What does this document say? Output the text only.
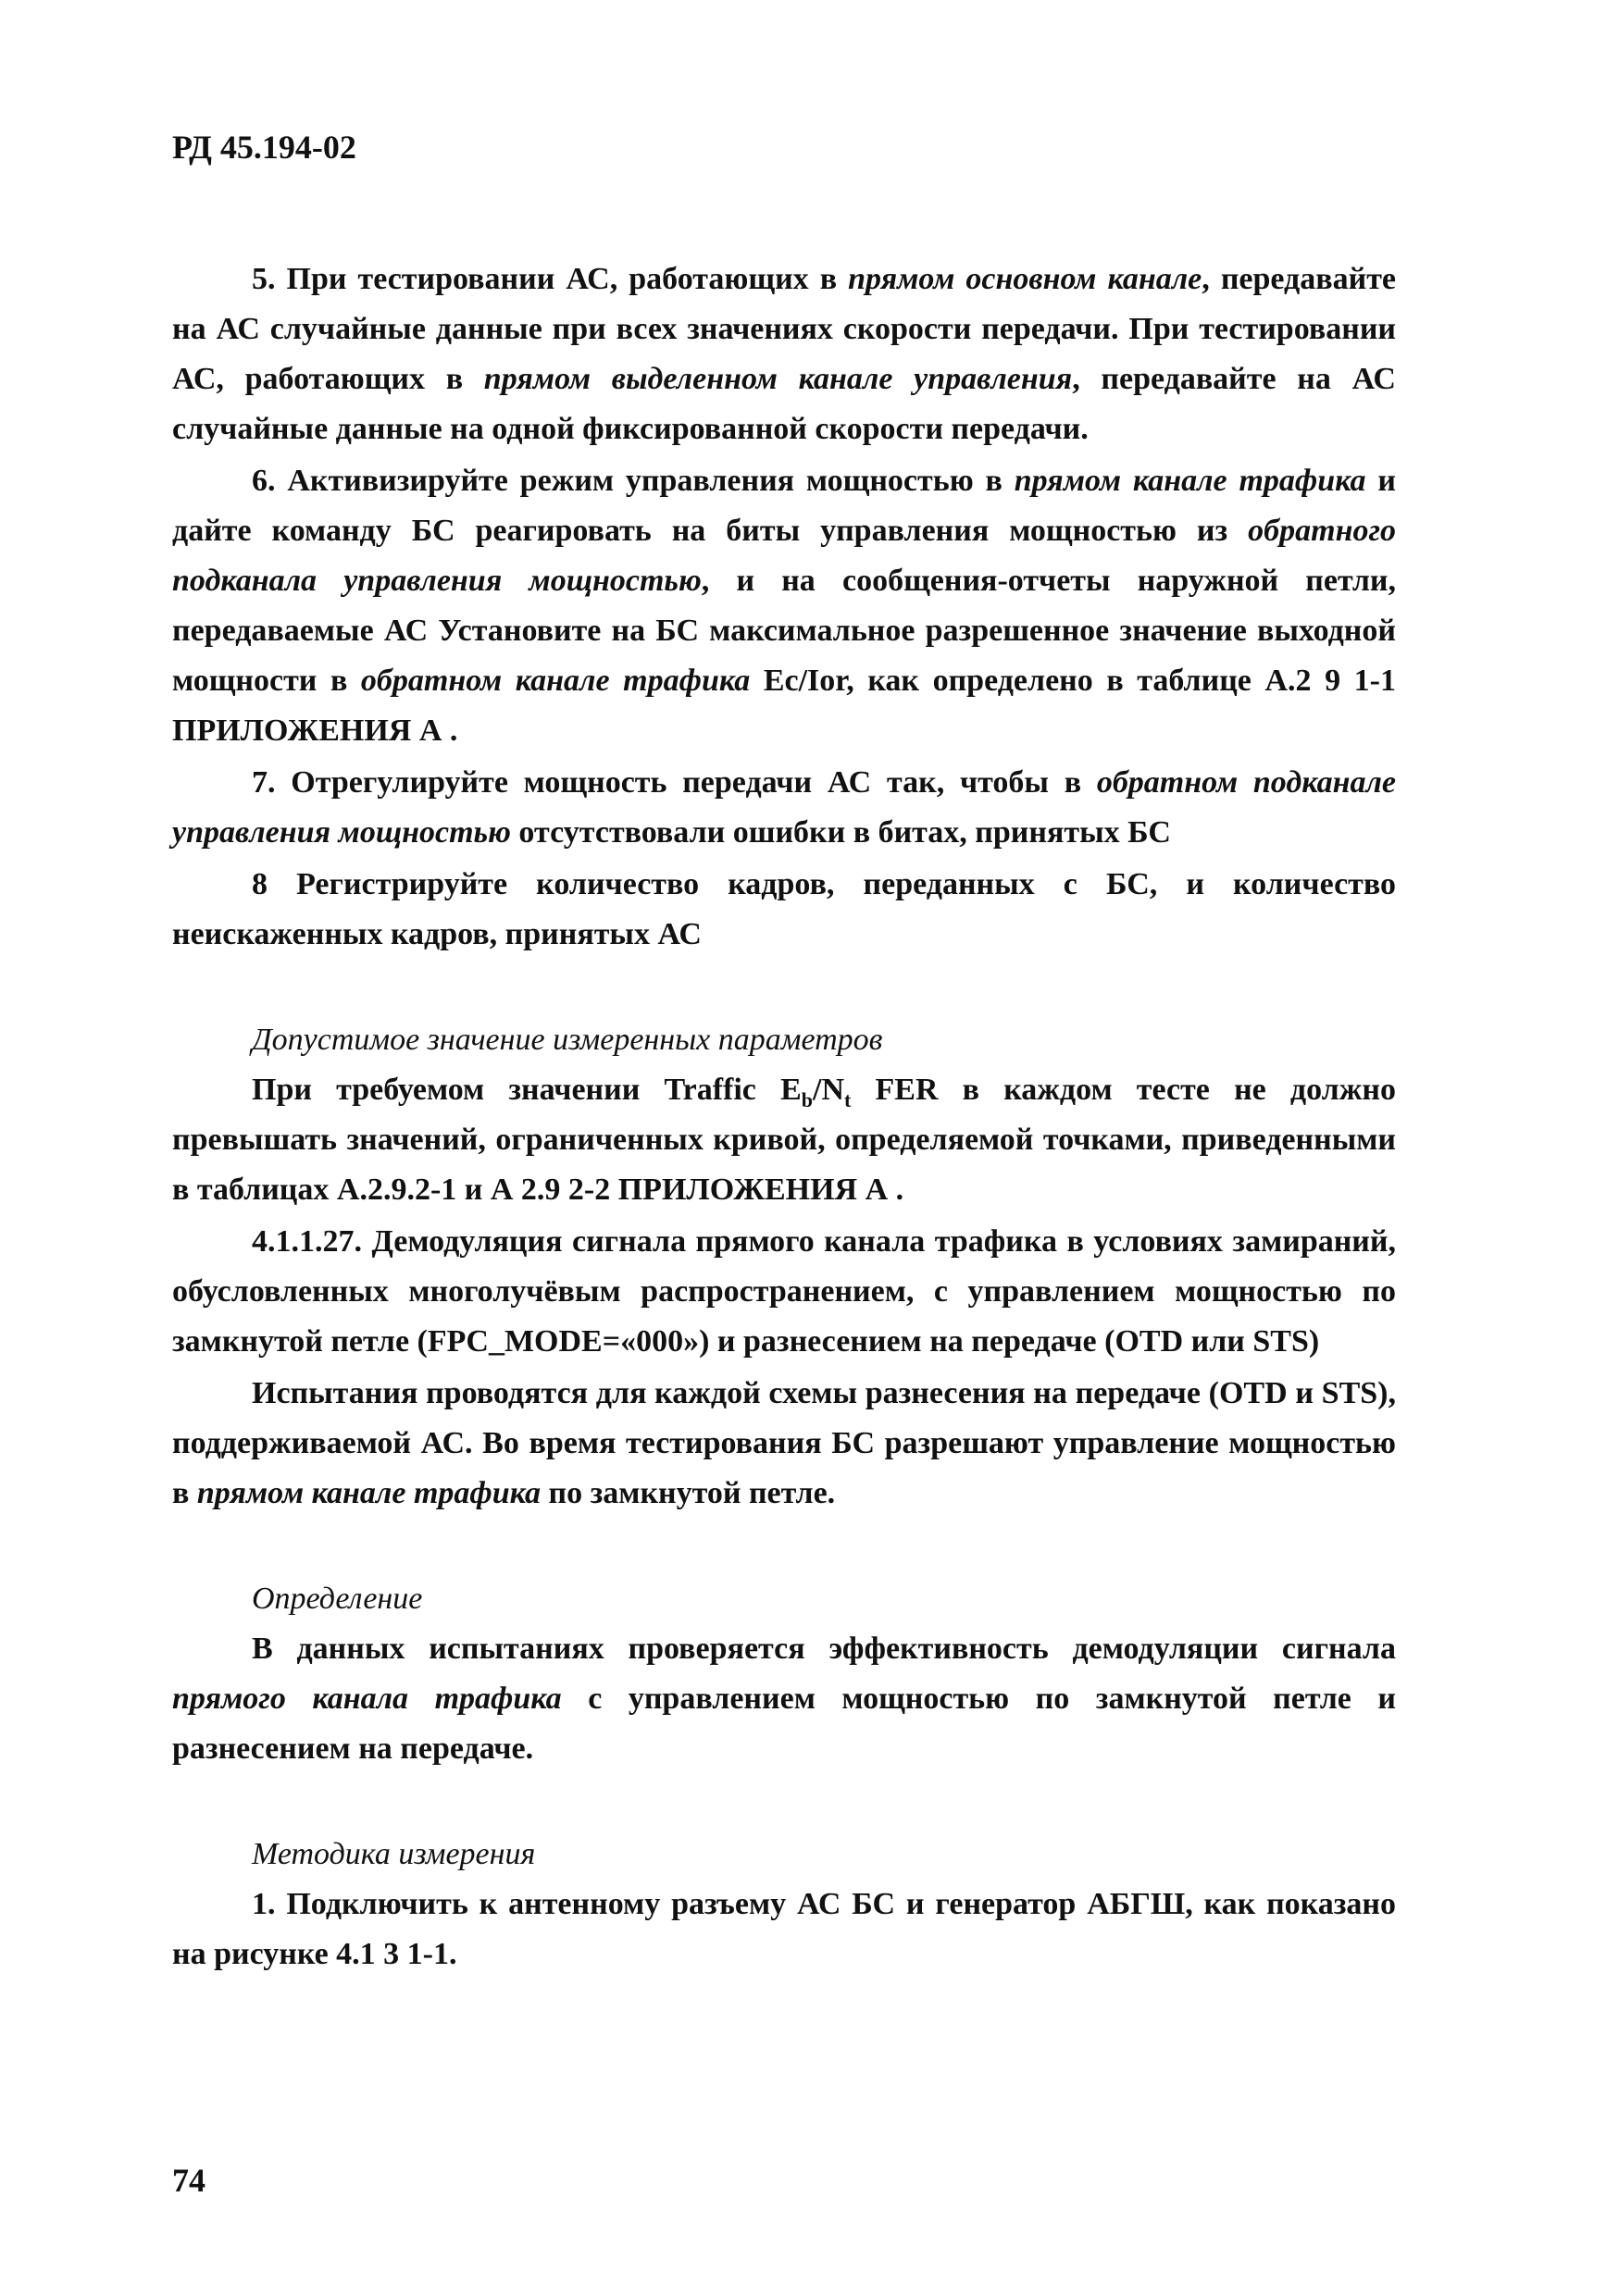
РД 45.194-02
5. При тестировании АС, работающих в прямом основном канале, передавайте на АС случайные данные при всех значениях скорости передачи. При тестировании АС, работающих в прямом выделенном канале управления, передавайте на АС случайные данные на одной фиксированной скорости передачи.
6. Активизируйте режим управления мощностью в прямом канале трафика и дайте команду БС реагировать на биты управления мощностью из обратного подканала управления мощностью, и на сообщения-отчеты наружной петли, передаваемые АС Установите на БС максимальное разрешенное значение выходной мощности в обратном канале трафика Ec/Ior, как определено в таблице А.2 9 1-1 ПРИЛОЖЕНИЯ А .
7. Отрегулируйте мощность передачи АС так, чтобы в обратном подканале управления мощностью отсутствовали ошибки в битах, принятых БС
8 Регистрируйте количество кадров, переданных с БС, и количество неискаженных кадров, принятых АС
Допустимое значение измеренных параметров
При требуемом значении Traffic $E_b/N_t$ FER в каждом тесте не должно превышать значений, ограниченных кривой, определяемой точками, приведенными в таблицах А.2.9.2-1 и А 2.9 2-2 ПРИЛОЖЕНИЯ А .
4.1.1.27. Демодуляция сигнала прямого канала трафика в условиях замираний, обусловленных многолучёвым распространением, с управлением мощностью по замкнутой петле (FPC_MODE=«000») и разнесением на передаче (OTD или STS)
Испытания проводятся для каждой схемы разнесения на передаче (OTD и STS), поддерживаемой АС. Во время тестирования БС разрешают управление мощностью в прямом канале трафика по замкнутой петле.
Определение
В данных испытаниях проверяется эффективность демодуляции сигнала прямого канала трафика с управлением мощностью по замкнутой петле и разнесением на передаче.
Методика измерения
1. Подключить к антенному разъему АС БС и генератор АБГШ, как показано на рисунке 4.1 3 1-1.
74
